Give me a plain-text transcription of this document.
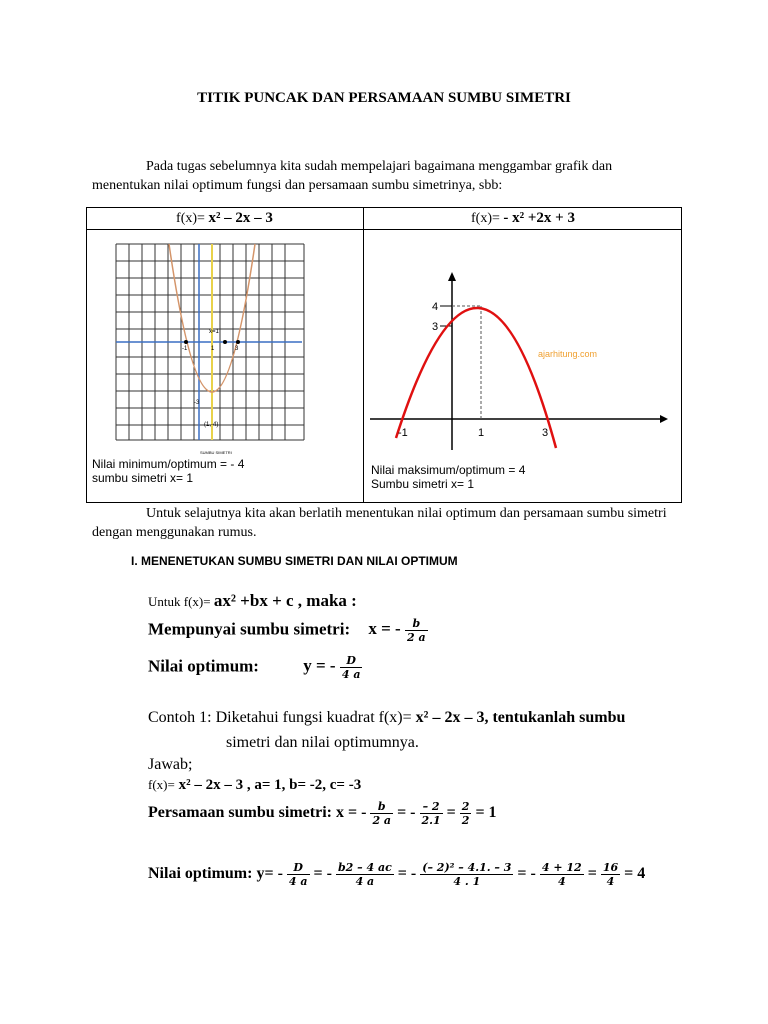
TITIK PUNCAK DAN PERSAMAAN SUMBU SIMETRI
Pada tugas sebelumnya kita sudah mempelajari bagaimana menggambar grafik dan menentukan nilai optimum fungsi dan persamaan sumbu simetrinya, sbb:
f(x)= x² – 2x – 3	f(x)= - x² +2x + 3
x=1
-1	1	3
-3
(1,-4)
SUMBU SIMETRI
Nilai minimum/optimum = - 4
sumbu simetri x= 1
4
3
-1	1	3
ajarhitung.com
Nilai maksimum/optimum = 4
Sumbu simetri x= 1
Untuk selajutnya kita akan berlatih menentukan nilai optimum dan persamaan sumbu simetri dengan menggunakan rumus.
I. MENENETUKAN SUMBU SIMETRI DAN NILAI OPTIMUM
Untuk f(x)= ax² +bx + c , maka :
Mempunyai sumbu simetri: x = - $\frac{b}{2 a}$
Nilai optimum:	y = - $\frac{D}{4 a}$
Contoh 1: Diketahui fungsi kuadrat f(x)= x² – 2x – 3, tentukanlah sumbu
simetri dan nilai optimumnya.
Jawab;
f(x)= x² – 2x – 3 , a= 1, b= -2, c= -3
Persamaan sumbu simetri: x = - $\frac{b}{2 a}$ = - $\frac{- 2}{2.1} = \frac{2}{2} = 1$
Nilai optimum: $y= - \frac{D}{4 a}$ = - $\frac{b2 - 4 ac}{4 a}$ = - $\frac{\text{(– 2)² – 4.1. – 3}}{4 . 1}$ = - $\frac{4 + 12}{4} = \frac{16}{4} = 4$
